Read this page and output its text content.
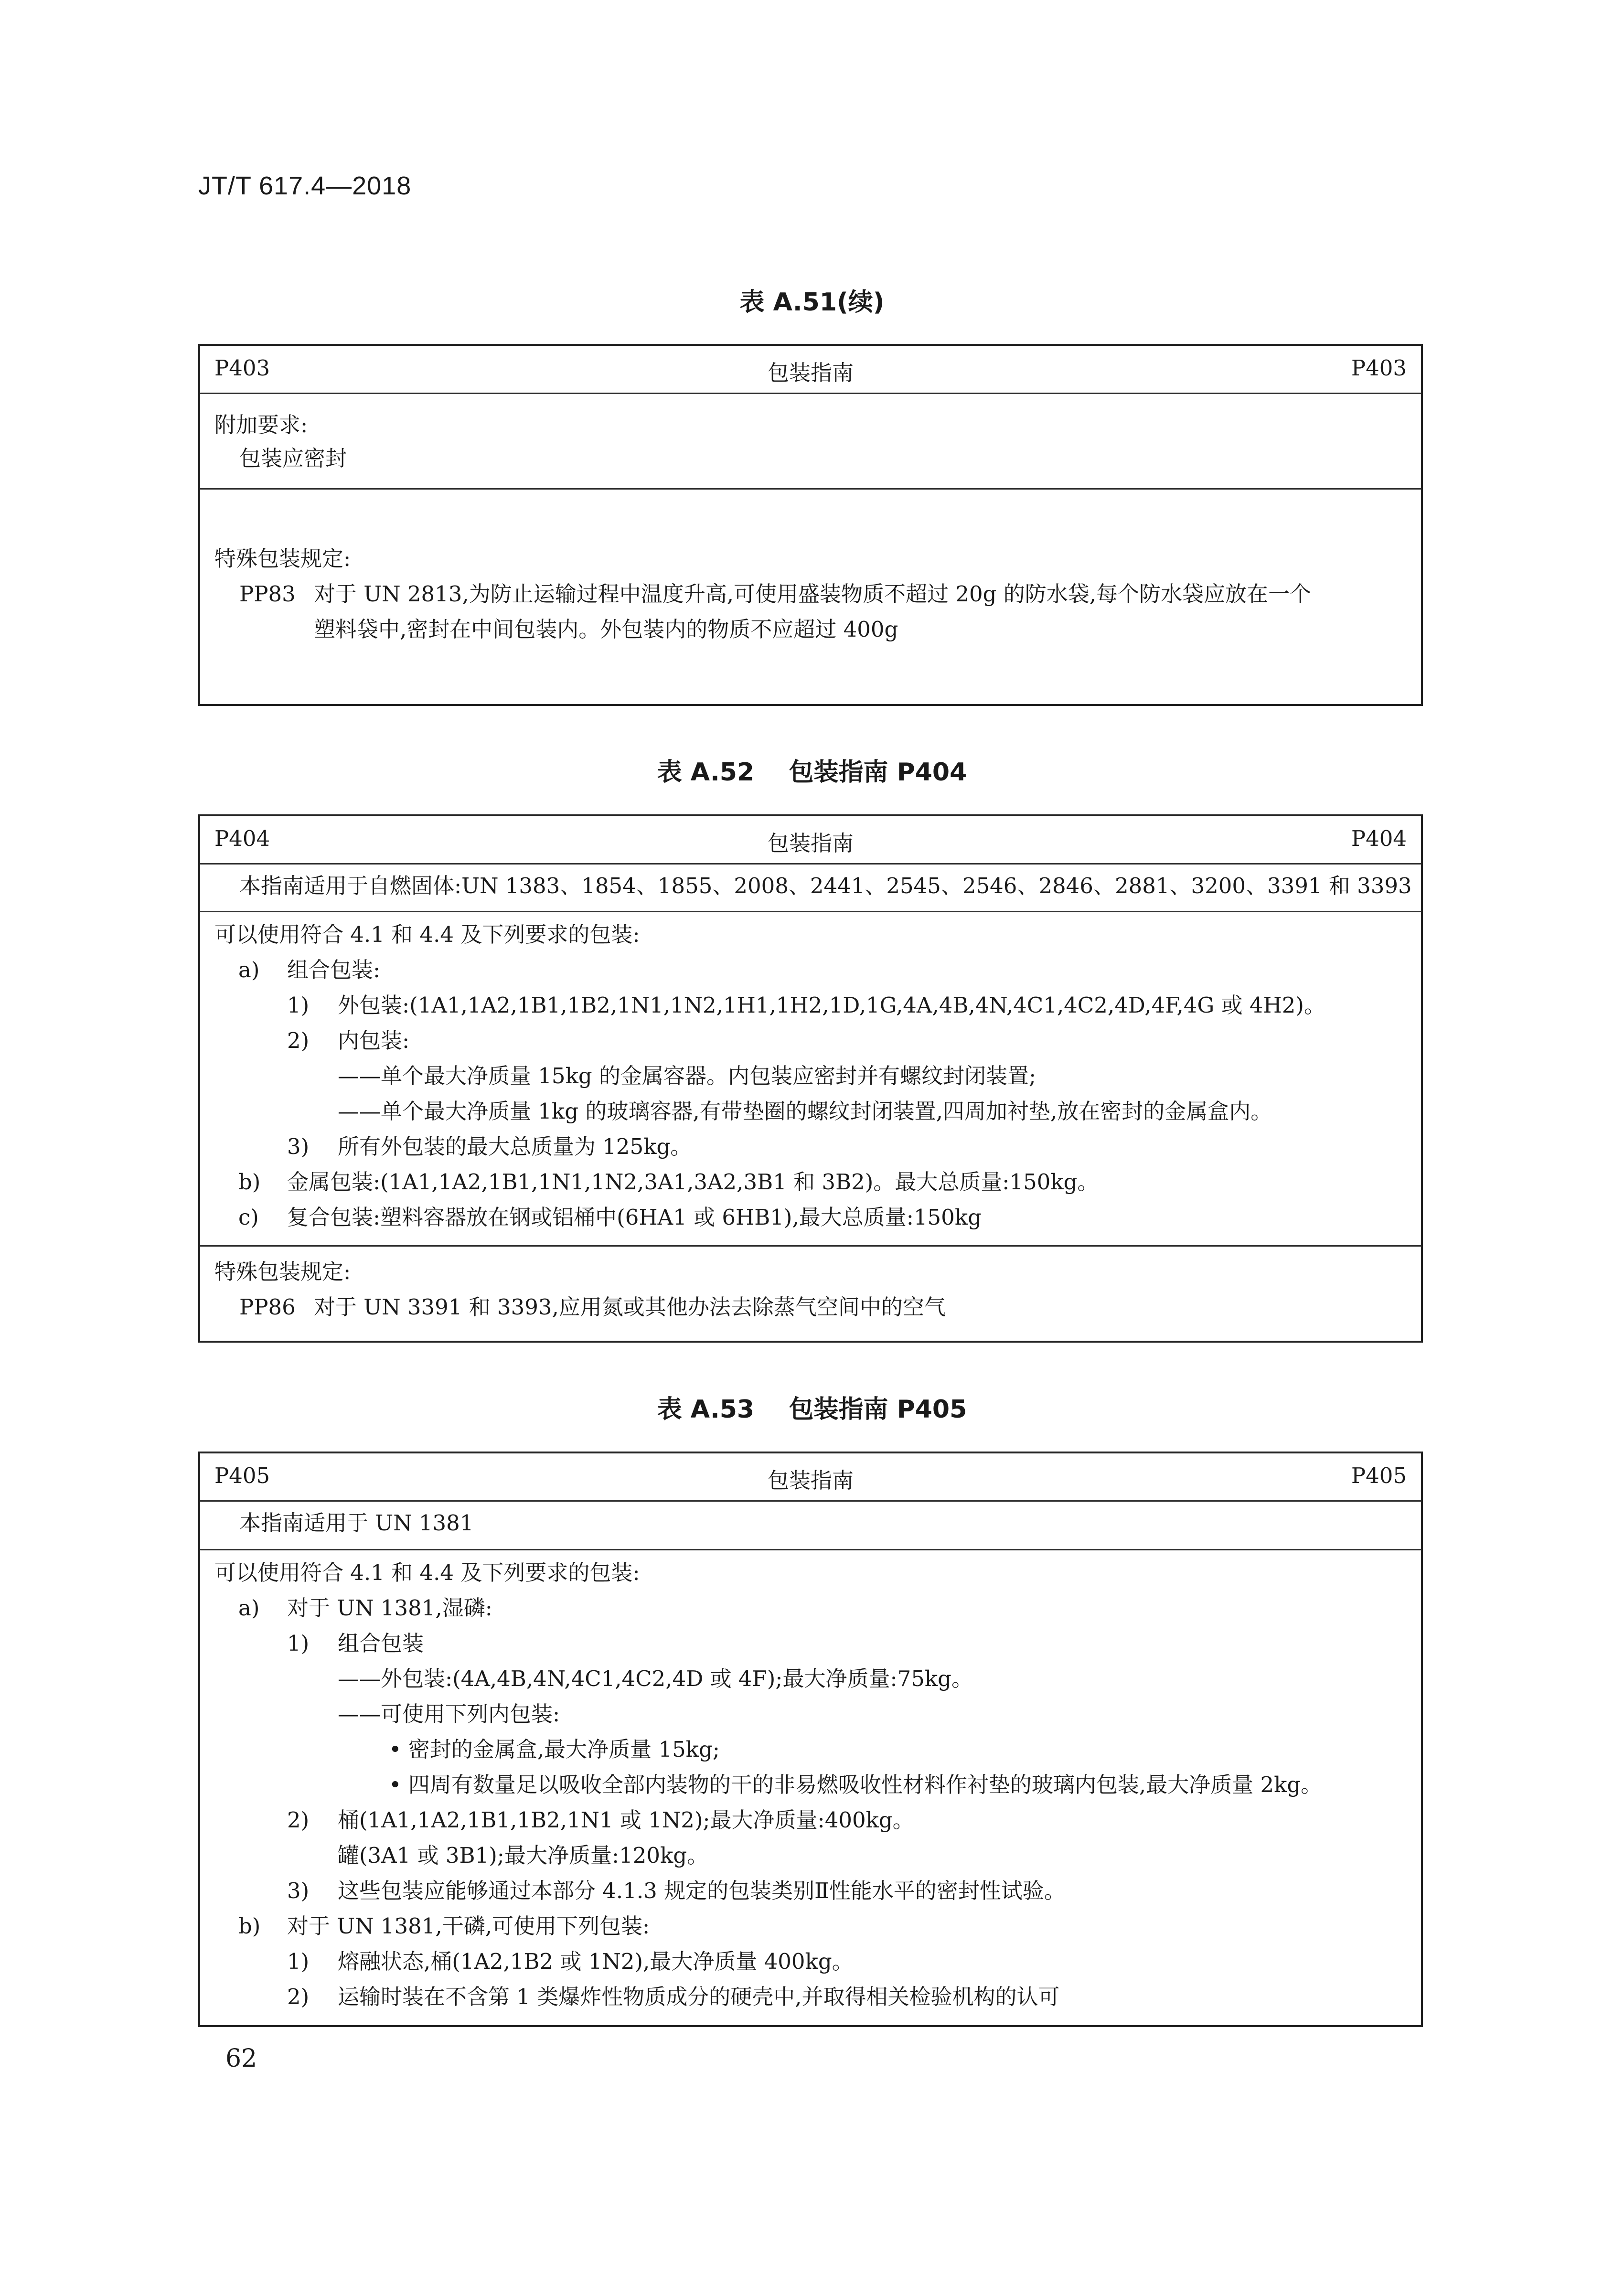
JT/T 617.4—2018
表 A.51(续)
P403	包装指南	P403
附加要求:
包装应密封
特殊包装规定:
PP83 对于 UN 2813,为防止运输过程中温度升高,可使用盛装物质不超过 20g 的防水袋,每个防水袋应放在一个
塑料袋中,密封在中间包装内。外包装内的物质不应超过 400g
表 A.52    包装指南 P404
P404	包装指南	P404
本指南适用于自燃固体:UN 1383、1854、1855、2008、2441、2545、2546、2846、2881、3200、3391 和 3393
可以使用符合 4.1 和 4.4 及下列要求的包装:
a) 组合包装:
1) 外包装:(1A1,1A2,1B1,1B2,1N1,1N2,1H1,1H2,1D,1G,4A,4B,4N,4C1,4C2,4D,4F,4G 或 4H2)。
2) 内包装:
——单个最大净质量 15kg 的金属容器。内包装应密封并有螺纹封闭装置;
——单个最大净质量 1kg 的玻璃容器,有带垫圈的螺纹封闭装置,四周加衬垫,放在密封的金属盒内。
3) 所有外包装的最大总质量为 125kg。
b) 金属包装:(1A1,1A2,1B1,1N1,1N2,3A1,3A2,3B1 和 3B2)。最大总质量:150kg。
c) 复合包装:塑料容器放在钢或铝桶中(6HA1 或 6HB1),最大总质量:150kg
特殊包装规定:
PP86 对于 UN 3391 和 3393,应用氮或其他办法去除蒸气空间中的空气
表 A.53    包装指南 P405
P405	包装指南	P405
本指南适用于 UN 1381
可以使用符合 4.1 和 4.4 及下列要求的包装:
a) 对于 UN 1381,湿磷:
1) 组合包装
——外包装:(4A,4B,4N,4C1,4C2,4D 或 4F);最大净质量:75kg。
——可使用下列内包装:
• 密封的金属盒,最大净质量 15kg;
• 四周有数量足以吸收全部内装物的干的非易燃吸收性材料作衬垫的玻璃内包装,最大净质量 2kg。
2) 桶(1A1,1A2,1B1,1B2,1N1 或 1N2);最大净质量:400kg。
罐(3A1 或 3B1);最大净质量:120kg。
3) 这些包装应能够通过本部分 4.1.3 规定的包装类别Ⅱ性能水平的密封性试验。
b) 对于 UN 1381,干磷,可使用下列包装:
1) 熔融状态,桶(1A2,1B2 或 1N2),最大净质量 400kg。
2) 运输时装在不含第 1 类爆炸性物质成分的硬壳中,并取得相关检验机构的认可
62
